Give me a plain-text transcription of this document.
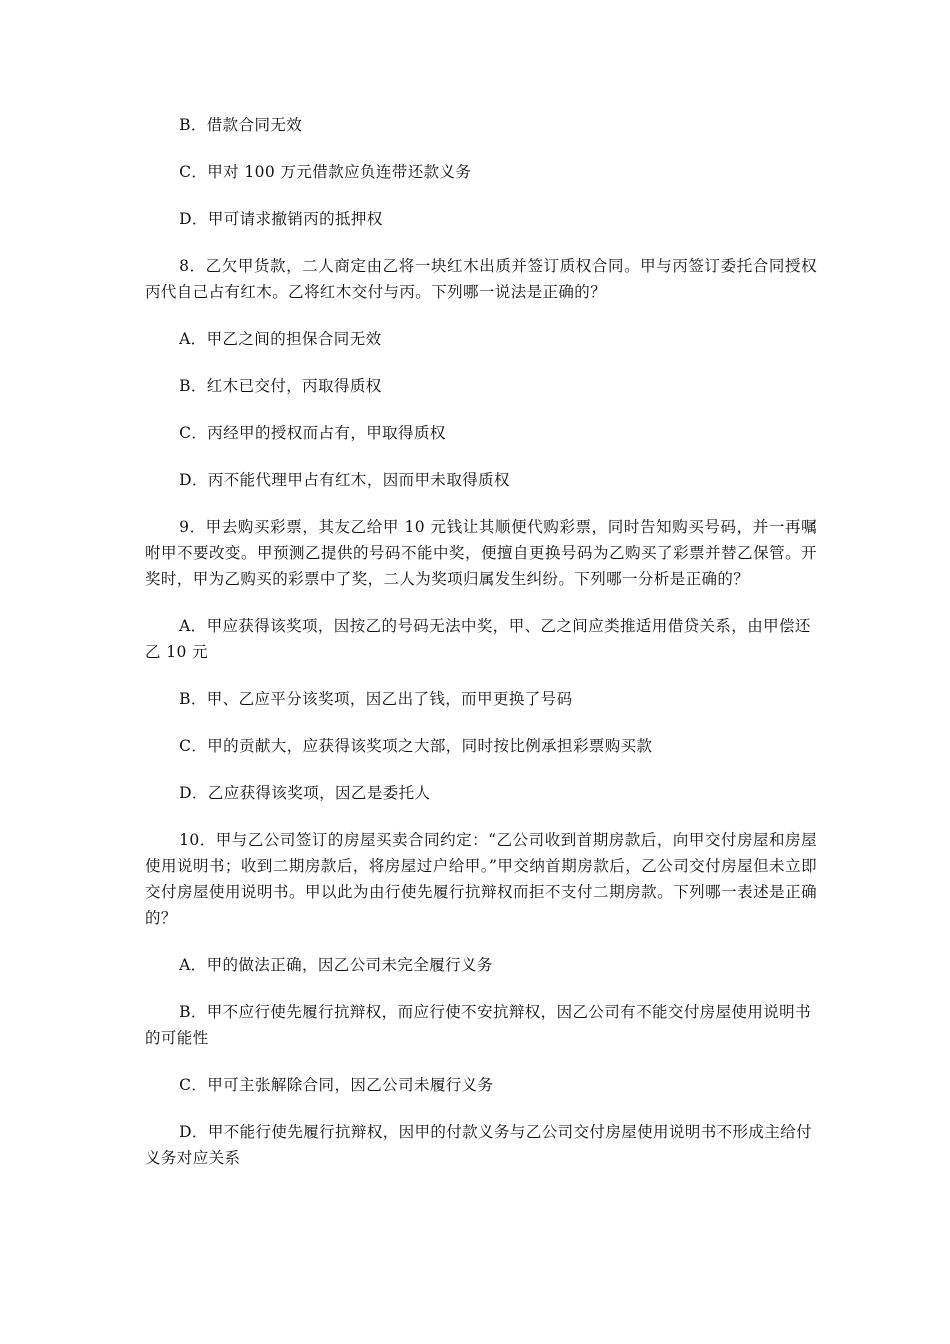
B．借款合同无效

C．甲对 100 万元借款应负连带还款义务

D．甲可请求撤销丙的抵押权

8．乙欠甲货款，二人商定由乙将一块红木出质并签订质权合同。甲与丙签订委托合同授权丙代自己占有红木。乙将红木交付与丙。下列哪一说法是正确的？

A．甲乙之间的担保合同无效

B．红木已交付，丙取得质权

C．丙经甲的授权而占有，甲取得质权

D．丙不能代理甲占有红木，因而甲未取得质权

9．甲去购买彩票，其友乙给甲 10 元钱让其顺便代购彩票，同时告知购买号码，并一再嘱咐甲不要改变。甲预测乙提供的号码不能中奖，便擅自更换号码为乙购买了彩票并替乙保管。开奖时，甲为乙购买的彩票中了奖，二人为奖项归属发生纠纷。下列哪一分析是正确的？

A．甲应获得该奖项，因按乙的号码无法中奖，甲、乙之间应类推适用借贷关系，由甲偿还乙 10 元

B．甲、乙应平分该奖项，因乙出了钱，而甲更换了号码

C．甲的贡献大，应获得该奖项之大部，同时按比例承担彩票购买款

D．乙应获得该奖项，因乙是委托人

10．甲与乙公司签订的房屋买卖合同约定：“乙公司收到首期房款后，向甲交付房屋和房屋使用说明书；收到二期房款后，将房屋过户给甲。”甲交纳首期房款后，乙公司交付房屋但未立即交付房屋使用说明书。甲以此为由行使先履行抗辩权而拒不支付二期房款。下列哪一表述是正确的？

A．甲的做法正确，因乙公司未完全履行义务

B．甲不应行使先履行抗辩权，而应行使不安抗辩权，因乙公司有不能交付房屋使用说明书的可能性

C．甲可主张解除合同，因乙公司未履行义务

D．甲不能行使先履行抗辩权，因甲的付款义务与乙公司交付房屋使用说明书不形成主给付义务对应关系
